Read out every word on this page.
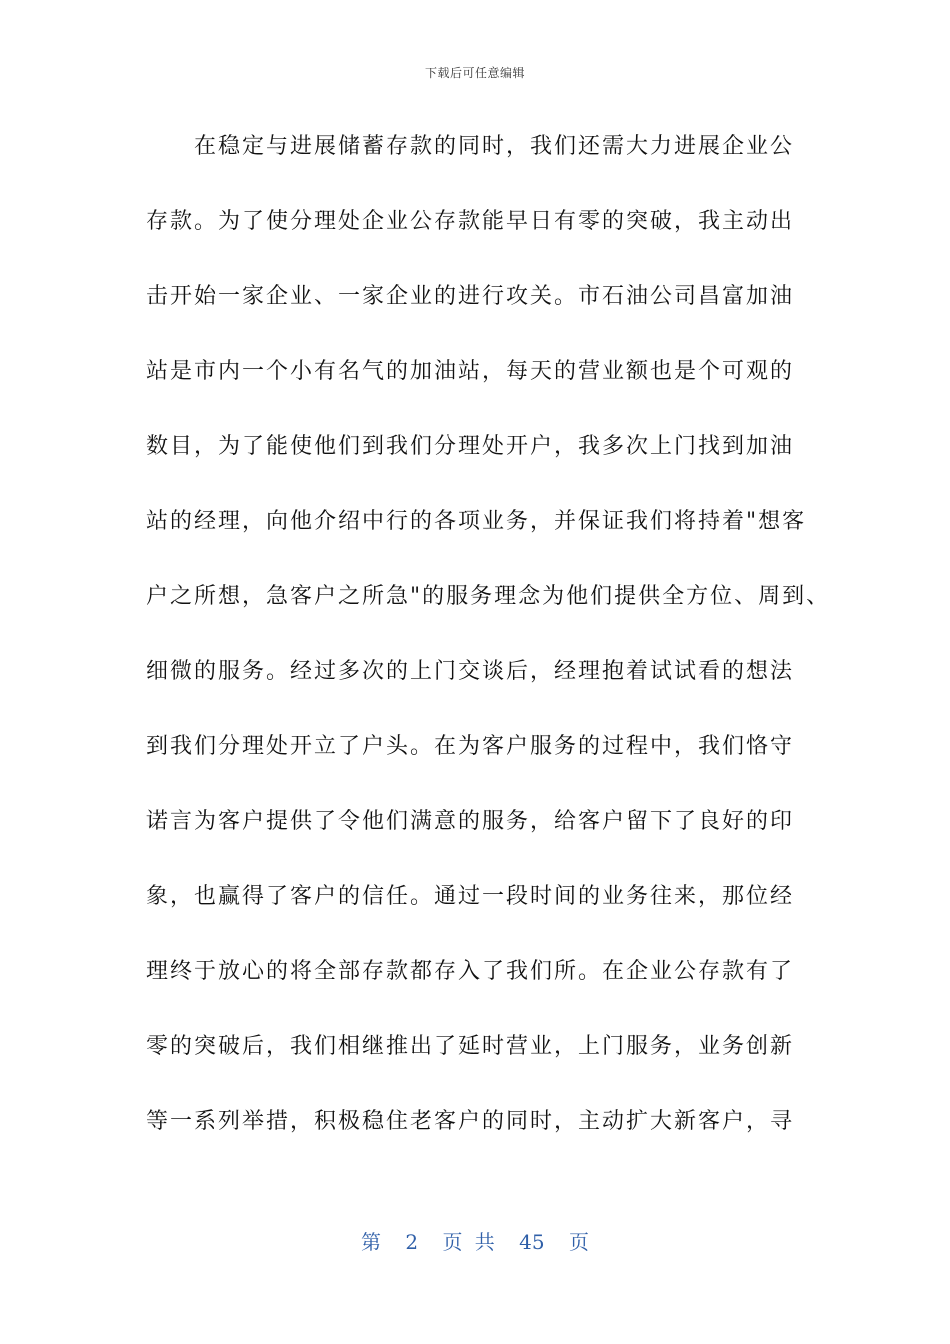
下载后可任意编辑
　　在稳定与进展储蓄存款的同时，我们还需大力进展企业公
存款。为了使分理处企业公存款能早日有零的突破，我主动出
击开始一家企业、一家企业的进行攻关。市石油公司昌富加油
站是市内一个小有名气的加油站，每天的营业额也是个可观的
数目，为了能使他们到我们分理处开户，我多次上门找到加油
站的经理，向他介绍中行的各项业务，并保证我们将持着"想客
户之所想，急客户之所急"的服务理念为他们提供全方位、周到、
细微的服务。经过多次的上门交谈后，经理抱着试试看的想法
到我们分理处开立了户头。在为客户服务的过程中，我们恪守
诺言为客户提供了令他们满意的服务，给客户留下了良好的印
象，也赢得了客户的信任。通过一段时间的业务往来，那位经
理终于放心的将全部存款都存入了我们所。在企业公存款有了
零的突破后，我们相继推出了延时营业，上门服务，业务创新
等一系列举措，积极稳住老客户的同时，主动扩大新客户，寻
第 2 页 共 45 页
